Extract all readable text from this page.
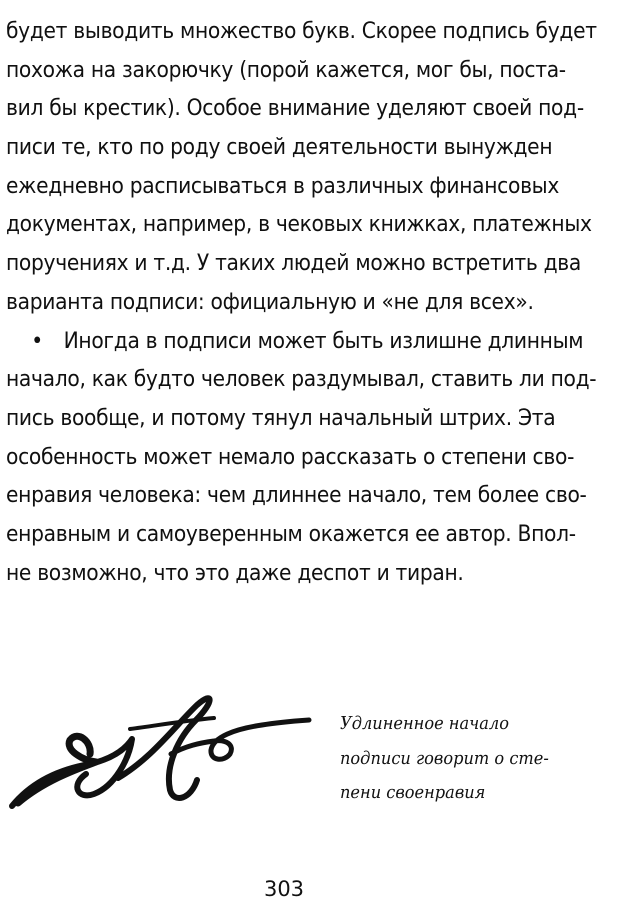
будет выводить множество букв. Скорее подпись будет
похожа на закорючку (порой кажется, мог бы, поста-
вил бы крестик). Особое внимание уделяют своей под-
писи те, кто по роду своей деятельности вынужден
ежедневно расписываться в различных финансовых
документах, например, в чековых книжках, платежных
поручениях и т.д. У таких людей можно встретить два
варианта подписи: официальную и «не для всех».
• Иногда в подписи может быть излишне длинным
начало, как будто человек раздумывал, ставить ли под-
пись вообще, и потому тянул начальный штрих. Эта
особенность может немало рассказать о степени сво-
енравия человека: чем длиннее начало, тем более сво-
енравным и самоуверенным окажется ее автор. Впол-
не возможно, что это даже деспот и тиран.
Удлиненное начало
подписи говорит о сте-
пени своенравия
303
